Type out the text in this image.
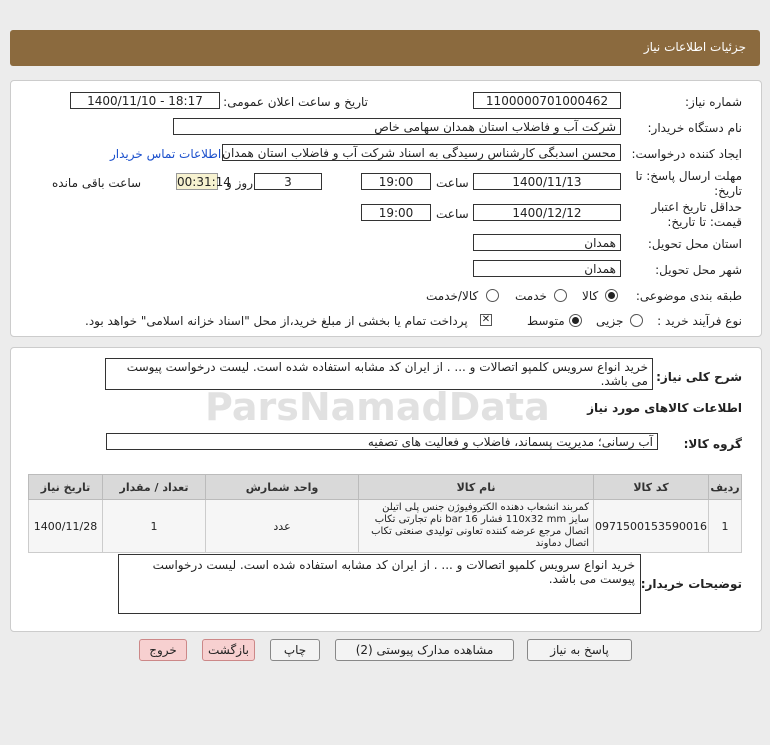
جزئیات اطلاعات نیاز
شماره نیاز:
1100000701000462
تاریخ و ساعت اعلان عمومی:
1400/11/10 - 18:17
نام دستگاه خریدار:
شرکت آب و فاضلاب استان همدان سهامی خاص
ایجاد کننده درخواست:
محسن اسدبگی کارشناس رسیدگی به اسناد شرکت آب و فاضلاب استان همدان
اطلاعات تماس خریدار
مهلت ارسال پاسخ: تا
تاریخ:
1400/11/13
ساعت
19:00
3
روز و
00:31:14
ساعت باقی مانده
حداقل تاریخ اعتبار
قیمت: تا تاریخ:
1400/12/12
ساعت
19:00
استان محل تحویل:
همدان
شهر محل تحویل:
همدان
طبقه بندی موضوعی:
کالا
خدمت
کالا/خدمت
نوع فرآیند خرید :
جزیی
متوسط
✕
پرداخت تمام یا بخشی از مبلغ خرید،از محل "اسناد خزانه اسلامی" خواهد بود.
شرح کلی نیاز:
خرید انواع سرویس کلمپو اتصالات و ... . از ایران کد مشابه استفاده شده است. لیست درخواست پیوست می باشد.
اطلاعات کالاهای مورد نیاز
گروه کالا:
آب رسانی؛ مدیریت پسماند، فاضلاب و فعالیت های تصفیه
ردیف	کد کالا	نام کالا	واحد شمارش	تعداد / مقدار	تاریخ نیاز
1	0971500153590016	کمربند انشعاب دهنده الکتروفیوژن جنس پلی اتیلن سایز 110x32 mm فشار 16 bar نام تجارتی تکاب اتصال مرجع عرضه کننده تعاونی تولیدی صنعتی تکاب اتصال دماوند	عدد	1	1400/11/28
توضیحات خریدار:
خرید انواع سرویس کلمپو اتصالات و ... . از ایران کد مشابه استفاده شده است. لیست درخواست پیوست می باشد.
ParsNamadData
پاسخ به نیاز
مشاهده مدارک پیوستی (2)
چاپ
بازگشت
خروج
